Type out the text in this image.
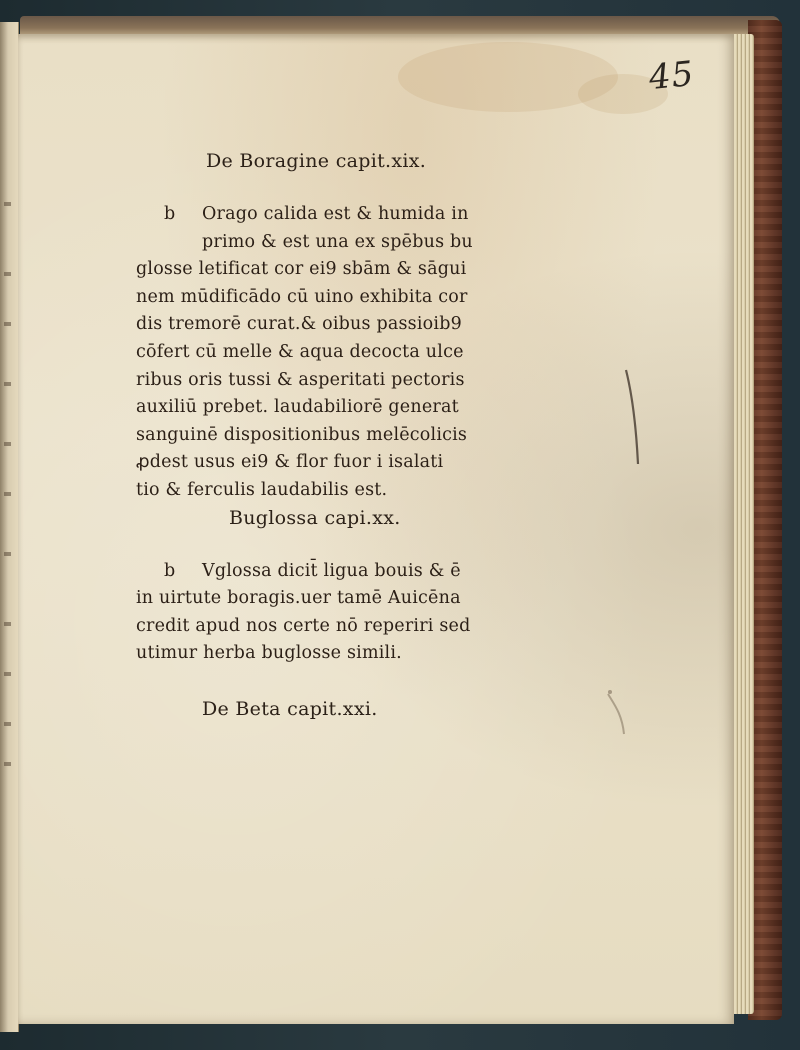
45

De Boragine capit.xix.

b	Orago calida est & humida in
primo & est una ex spēbus bu
glosse letificat cor ei9 sbām & sāgui
nem mūdificādo cū uino exhibita cor
dis tremorē curat.& oibus passioib9
cōfert cū melle & aqua decocta ulce
ribus oris tussi & asperitati pectoris
auxiliū prebet. laudabiliorē generat
sanguinē dispositionibus melēcolicis
ꝓdest usus ei9 & flor fuor i isalati
tio & ferculis laudabilis est.

Buglossa capi.xx.

b	Vglossa dicit̄ ligua bouis & ē
in uirtute boragis.uer tamē Auicēna
credit apud nos certe nō reperiri sed
utimur herba buglosse simili.

De Beta capit.xxi.
